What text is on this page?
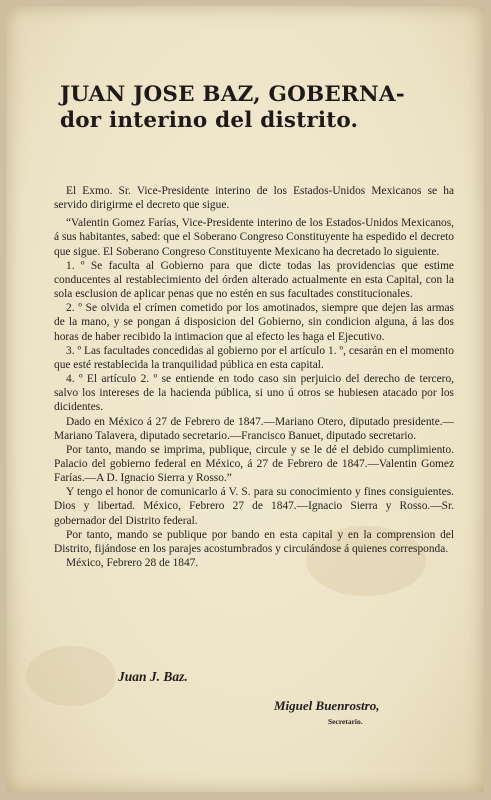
JUAN JOSE BAZ, GOBERNA-
dor interino del distrito.

El Exmo. Sr. Vice-Presidente interino de los Estados-Unidos Mexicanos se ha servido dirigirme el decreto que sigue.

“Valentin Gomez Farías, Vice-Presidente interino de los Estados-Unidos Mexicanos, á sus habitantes, sabed: que el Soberano Congreso Constituyente ha espedido el decreto que sigue. El Soberano Congreso Constituyente Mexicano ha decretado lo siguiente.

1. º Se faculta al Gobierno para que dicte todas las providencias que estime conducentes al restablecimiento del órden alterado actualmente en esta Capital, con la sola esclusion de aplicar penas que no estén en sus facultades constitucionales.

2. º Se olvida el crímen cometido por los amotinados, siempre que dejen las armas de la mano, y se pongan á disposicion del Gobierno, sin condicion alguna, á las dos horas de haber recibido la intimacion que al efecto les haga el Ejecutivo.

3. º Las facultades concedidas al gobierno por el artículo 1. º, cesarán en el momento que esté restablecida la tranquilidad pública en esta capital.

4. º El artículo 2. º se entiende en todo caso sin perjuicio del derecho de tercero, salvo los intereses de la hacienda pública, si uno ú otros se hubiesen atacado por los dicidentes.

Dado en México á 27 de Febrero de 1847.—Mariano Otero, diputado presidente.—Mariano Talavera, diputado secretario.—Francisco Banuet, diputado secretario.

Por tanto, mando se imprima, publique, circule y se le dé el debido cumplimiento. Palacio del gobierno federal en México, á 27 de Febrero de 1847.—Valentin Gomez Farías.—A D. Ignacio Sierra y Rosso.”

Y tengo el honor de comunicarlo á V. S. para su conocimiento y fines consiguientes. Dios y libertad. México, Febrero 27 de 1847.—Ignacio Sierra y Rosso.—Sr. gobernador del Distrito federal.

Por tanto, mando se publique por bando en esta capital y en la comprension del Distrito, fijándose en los parajes acostumbrados y circulándose á quienes corresponda.

México, Febrero 28 de 1847.

Juan J. Baz.
Miguel Buenrostro,
Secretario.
